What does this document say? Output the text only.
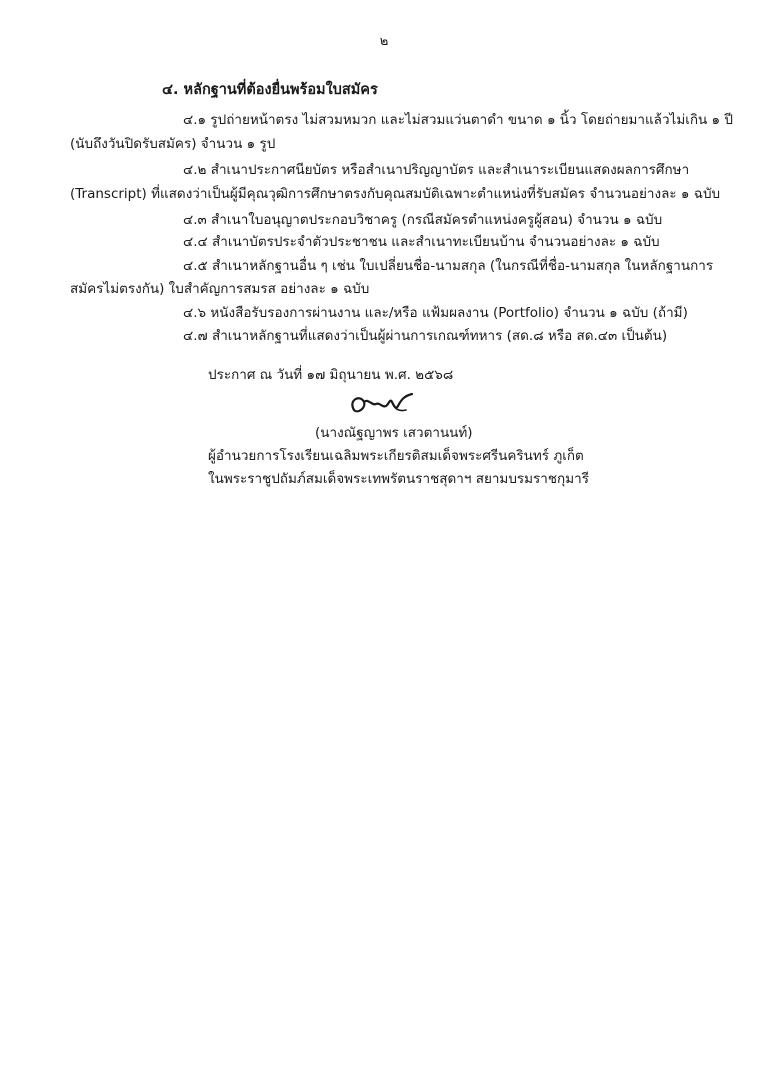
๒
๔. หลักฐานที่ต้องยื่นพร้อมใบสมัคร
๔.๑ รูปถ่ายหน้าตรง ไม่สวมหมวก และไม่สวมแว่นตาดำ ขนาด ๑ นิ้ว โดยถ่ายมาแล้วไม่เกิน ๑ ปี
(นับถึงวันปิดรับสมัคร) จำนวน ๑ รูป
๔.๒ สำเนาประกาศนียบัตร หรือสำเนาปริญญาบัตร และสำเนาระเบียนแสดงผลการศึกษา
(Transcript) ที่แสดงว่าเป็นผู้มีคุณวุฒิการศึกษาตรงกับคุณสมบัติเฉพาะตำแหน่งที่รับสมัคร จำนวนอย่างละ ๑ ฉบับ
๔.๓ สำเนาใบอนุญาตประกอบวิชาครู (กรณีสมัครตำแหน่งครูผู้สอน) จำนวน ๑ ฉบับ
๔.๔ สำเนาบัตรประจำตัวประชาชน และสำเนาทะเบียนบ้าน จำนวนอย่างละ ๑ ฉบับ
๔.๕ สำเนาหลักฐานอื่น ๆ เช่น ใบเปลี่ยนชื่อ-นามสกุล (ในกรณีที่ชื่อ-นามสกุล ในหลักฐานการ
สมัครไม่ตรงกัน) ใบสำคัญการสมรส อย่างละ ๑ ฉบับ
๔.๖ หนังสือรับรองการผ่านงาน และ/หรือ แฟ้มผลงาน (Portfolio) จำนวน ๑ ฉบับ (ถ้ามี)
๔.๗ สำเนาหลักฐานที่แสดงว่าเป็นผู้ผ่านการเกณฑ์ทหาร (สด.๘ หรือ สด.๔๓ เป็นต้น)
ประกาศ ณ วันที่ ๑๗ มิถุนายน พ.ศ. ๒๕๖๘
(นางณัฐญาพร เสวตานนท์)
ผู้อำนวยการโรงเรียนเฉลิมพระเกียรติสมเด็จพระศรีนครินทร์ ภูเก็ต
ในพระราชูปถัมภ์สมเด็จพระเทพรัตนราชสุดาฯ สยามบรมราชกุมารี
